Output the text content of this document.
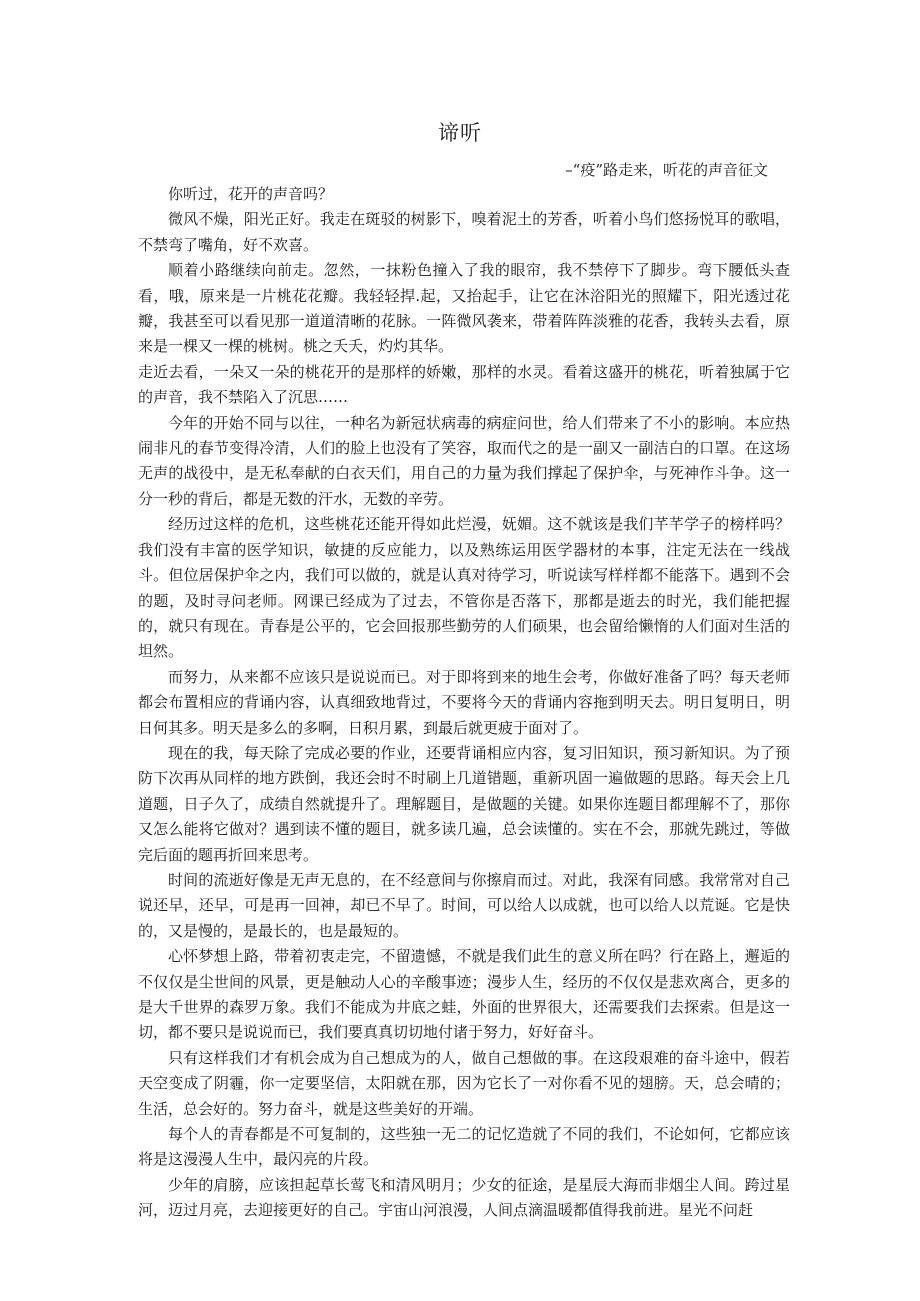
谛听
–“疫”路走来，听花的声音征文

你听过，花开的声音吗？

微风不燥，阳光正好。我走在斑驳的树影下，嗅着泥土的芳香，听着小鸟们悠扬悦耳的歌唱，不禁弯了嘴角，好不欢喜。

顺着小路继续向前走。忽然，一抹粉色撞入了我的眼帘，我不禁停下了脚步。弯下腰低头查看，哦，原来是一片桃花花瓣。我轻轻捍.起，又抬起手，让它在沐浴阳光的照耀下，阳光透过花瓣，我甚至可以看见那一道道清晰的花脉。一阵微风袭来，带着阵阵淡雅的花香，我转头去看，原来是一棵又一棵的桃树。桃之夭夭，灼灼其华。

走近去看，一朵又一朵的桃花开的是那样的娇嫩，那样的水灵。看着这盛开的桃花，听着独属于它的声音，我不禁陷入了沉思……

今年的开始不同与以往，一种名为新冠状病毒的病症问世，给人们带来了不小的影响。本应热闹非凡的春节变得冷清，人们的脸上也没有了笑容，取而代之的是一副又一副洁白的口罩。在这场无声的战役中，是无私奉献的白衣天们，用自己的力量为我们撑起了保护伞，与死神作斗争。这一分一秒的背后，都是无数的汗水，无数的辛劳。

经历过这样的危机，这些桃花还能开得如此烂漫，妩媚。这不就该是我们芊芊学子的榜样吗？我们没有丰富的医学知识，敏捷的反应能力，以及熟练运用医学器材的本事，注定无法在一线战斗。但位居保护伞之内，我们可以做的，就是认真对待学习，听说读写样样都不能落下。遇到不会的题，及时寻问老师。网课已经成为了过去，不管你是否落下，那都是逝去的时光，我们能把握的，就只有现在。青春是公平的，它会回报那些勤劳的人们硕果，也会留给懒惰的人们面对生活的坦然。

而努力，从来都不应该只是说说而已。对于即将到来的地生会考，你做好准备了吗？每天老师都会布置相应的背诵内容，认真细致地背过，不要将今天的背诵内容拖到明天去。明日复明日，明日何其多。明天是多么的多啊，日积月累，到最后就更疲于面对了。

现在的我，每天除了完成必要的作业，还要背诵相应内容，复习旧知识，预习新知识。为了预防下次再从同样的地方跌倒，我还会时不时刷上几道错题，重新巩固一遍做题的思路。每天会上几道题，日子久了，成绩自然就提升了。理解题目，是做题的关键。如果你连题目都理解不了，那你又怎么能将它做对？遇到读不懂的题目，就多读几遍，总会读懂的。实在不会，那就先跳过，等做完后面的题再折回来思考。

时间的流逝好像是无声无息的，在不经意间与你擦肩而过。对此，我深有同感。我常常对自己说还早，还早，可是再一回神，却已不早了。时间，可以给人以成就，也可以给人以荒诞。它是快的，又是慢的，是最长的，也是最短的。

心怀梦想上路，带着初衷走完，不留遗憾，不就是我们此生的意义所在吗？行在路上，邂逅的不仅仅是尘世间的风景，更是触动人心的辛酸事迹；漫步人生，经历的不仅仅是悲欢离合，更多的是大千世界的森罗万象。我们不能成为井底之蛙，外面的世界很大，还需要我们去探索。但是这一切，都不要只是说说而已，我们要真真切切地付诸于努力，好好奋斗。

只有这样我们才有机会成为自己想成为的人，做自己想做的事。在这段艰难的奋斗途中，假若天空变成了阴霾，你一定要坚信，太阳就在那，因为它长了一对你看不见的翅膀。天，总会晴的；生活，总会好的。努力奋斗，就是这些美好的开端。

每个人的青春都是不可复制的，这些独一无二的记忆造就了不同的我们，不论如何，它都应该将是这漫漫人生中，最闪亮的片段。

少年的肩膀，应该担起草长莺飞和清风明月；少女的征途，是星辰大海而非烟尘人间。跨过星河，迈过月亮，去迎接更好的自己。宇宙山河浪漫，人间点滴温暖都值得我前进。星光不问赶
